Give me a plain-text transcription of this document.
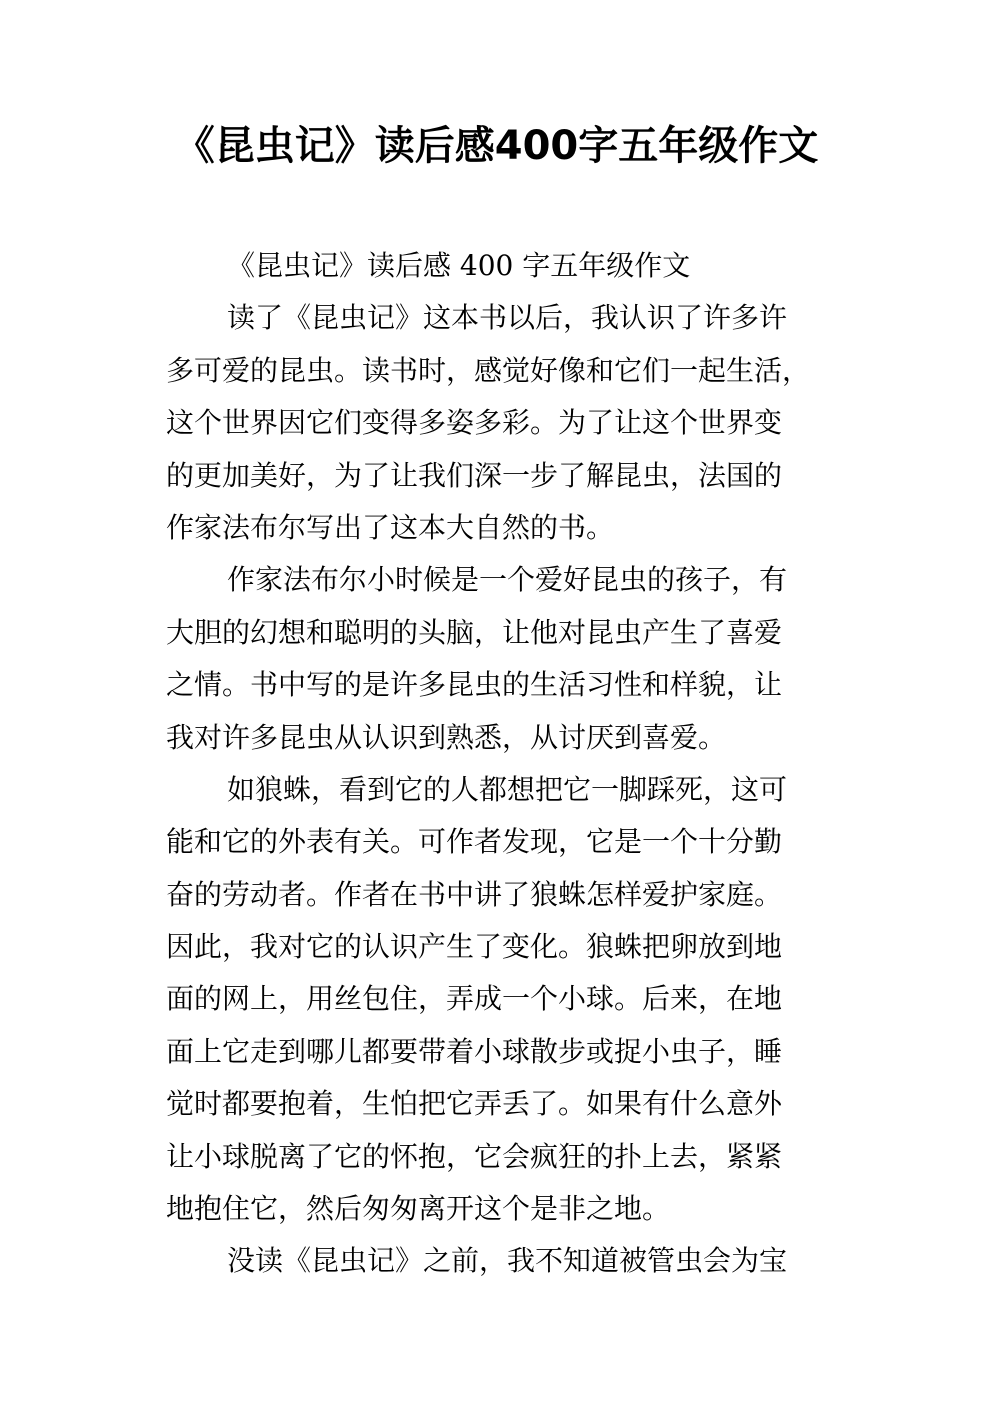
《昆虫记》读后感400字五年级作文
《昆虫记》读后感 400 字五年级作文
读了《昆虫记》这本书以后，我认识了许多许
多可爱的昆虫。读书时，感觉好像和它们一起生活，
这个世界因它们变得多姿多彩。为了让这个世界变
的更加美好，为了让我们深一步了解昆虫，法国的
作家法布尔写出了这本大自然的书。
作家法布尔小时候是一个爱好昆虫的孩子，有
大胆的幻想和聪明的头脑，让他对昆虫产生了喜爱
之情。书中写的是许多昆虫的生活习性和样貌，让
我对许多昆虫从认识到熟悉，从讨厌到喜爱。
如狼蛛，看到它的人都想把它一脚踩死，这可
能和它的外表有关。可作者发现，它是一个十分勤
奋的劳动者。作者在书中讲了狼蛛怎样爱护家庭。
因此，我对它的认识产生了变化。狼蛛把卵放到地
面的网上，用丝包住，弄成一个小球。后来，在地
面上它走到哪儿都要带着小球散步或捉小虫子，睡
觉时都要抱着，生怕把它弄丢了。如果有什么意外
让小球脱离了它的怀抱，它会疯狂的扑上去，紧紧
地抱住它，然后匆匆离开这个是非之地。
没读《昆虫记》之前，我不知道被管虫会为宝
